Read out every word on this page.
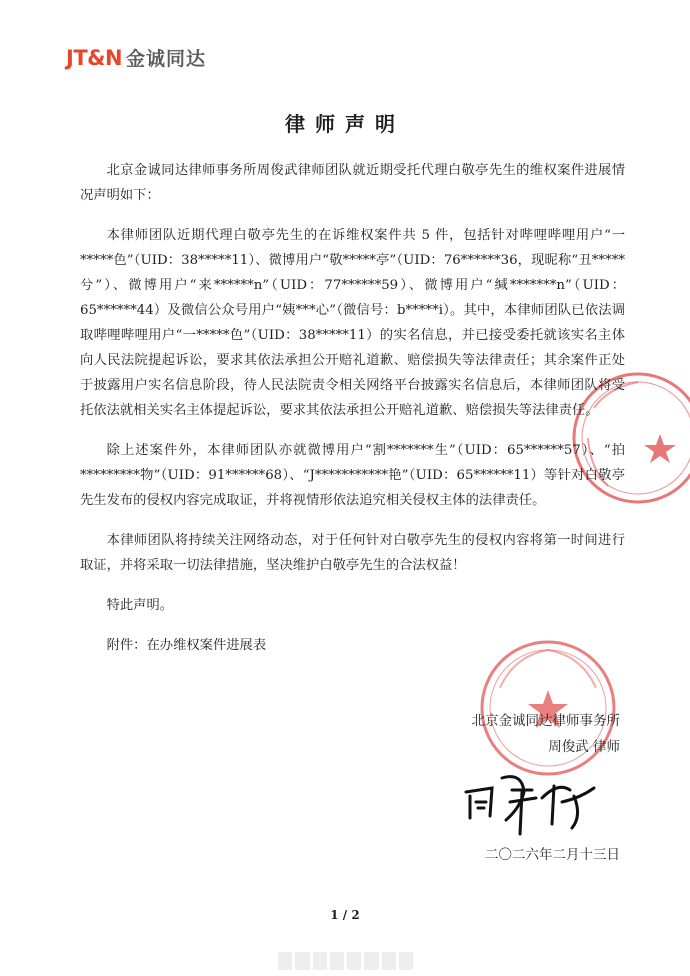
JT&N 金诚同达
律师声明

北京金诚同达律师事务所周俊武律师团队就近期受托代理白敬亭先生的维权案件进展情况声明如下：

本律师团队近期代理白敬亭先生的在诉维权案件共 5 件，包括针对哔哩哔哩用户“一*****色”（UID：38*****11）、微博用户“敬*****亭”（UID：76******36，现昵称“丑*****兮”）、微博用户“来******n”（UID：77******59）、微博用户“缄*******n”（UID：65******44）及微信公众号用户“姨***心”（微信号：b*****i）。其中，本律师团队已依法调取哔哩哔哩用户“一*****色”（UID：38*****11）的实名信息，并已接受委托就该实名主体向人民法院提起诉讼，要求其依法承担公开赔礼道歉、赔偿损失等法律责任；其余案件正处于披露用户实名信息阶段，待人民法院责令相关网络平台披露实名信息后，本律师团队将受托依法就相关实名主体提起诉讼，要求其依法承担公开赔礼道歉、赔偿损失等法律责任。

除上述案件外，本律师团队亦就微博用户“割*******生”（UID：65******57）、“拍*********物”（UID：91******68）、“J***********艳”（UID：65******11）等针对白敬亭先生发布的侵权内容完成取证，并将视情形依法追究相关侵权主体的法律责任。

本律师团队将持续关注网络动态，对于任何针对白敬亭先生的侵权内容将第一时间进行取证，并将采取一切法律措施，坚决维护白敬亭先生的合法权益！

特此声明。

附件：在办维权案件进展表

北京金诚同达律师事务所
周俊武 律师
二〇二六年二月十三日
1 / 2
